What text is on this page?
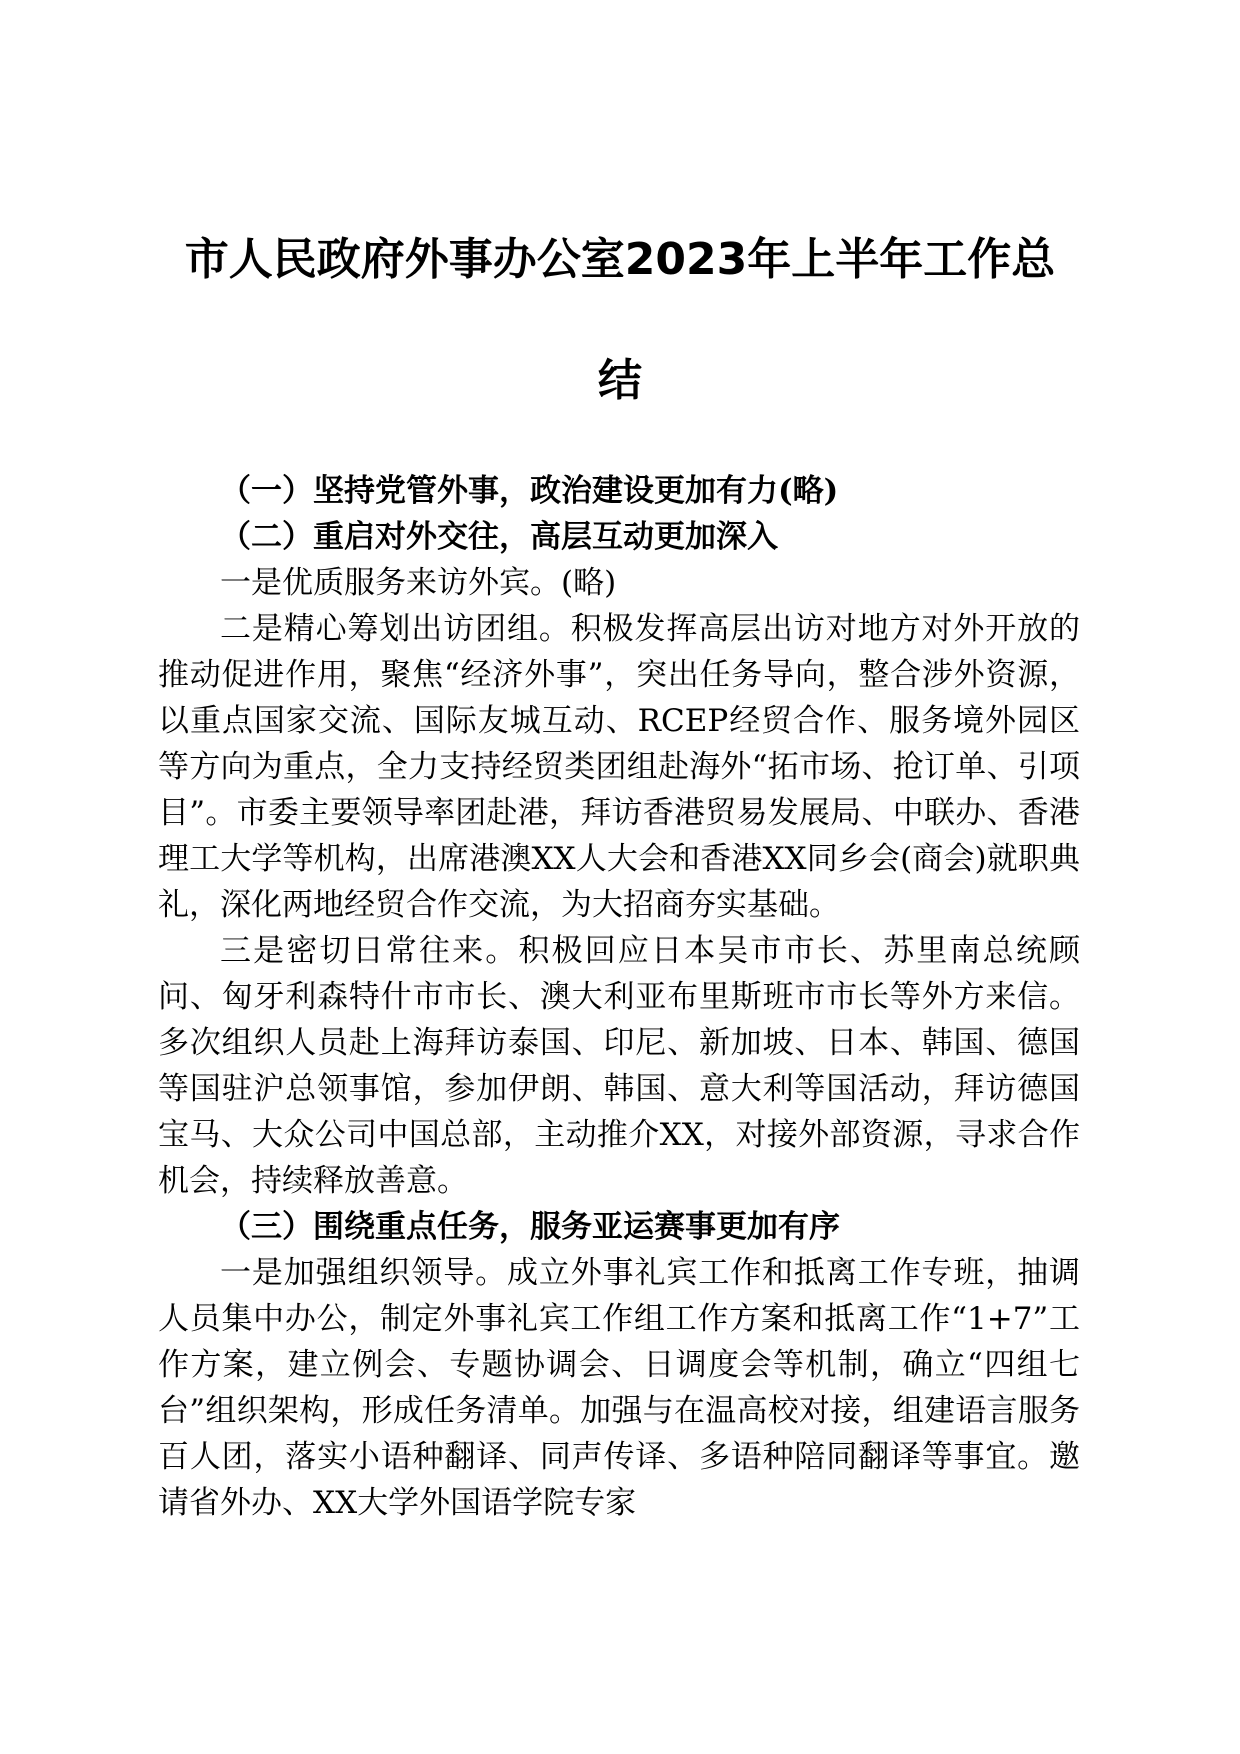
市人民政府外事办公室2023年上半年工作总
结

（一）坚持党管外事，政治建设更加有力(略)

（二）重启对外交往，高层互动更加深入

一是优质服务来访外宾。(略)

二是精心筹划出访团组。积极发挥高层出访对地方对外开放的推动促进作用，聚焦“经济外事”，突出任务导向，整合涉外资源，以重点国家交流、国际友城互动、RCEP经贸合作、服务境外园区等方向为重点，全力支持经贸类团组赴海外“拓市场、抢订单、引项目”。市委主要领导率团赴港，拜访香港贸易发展局、中联办、香港理工大学等机构，出席港澳XX人大会和香港XX同乡会(商会)就职典礼，深化两地经贸合作交流，为大招商夯实基础。

三是密切日常往来。积极回应日本吴市市长、苏里南总统顾问、匈牙利森特什市市长、澳大利亚布里斯班市市长等外方来信。多次组织人员赴上海拜访泰国、印尼、新加坡、日本、韩国、德国等国驻沪总领事馆，参加伊朗、韩国、意大利等国活动，拜访德国宝马、大众公司中国总部，主动推介XX，对接外部资源，寻求合作机会，持续释放善意。

（三）围绕重点任务，服务亚运赛事更加有序

一是加强组织领导。成立外事礼宾工作和抵离工作专班，抽调人员集中办公，制定外事礼宾工作组工作方案和抵离工作“1+7”工作方案，建立例会、专题协调会、日调度会等机制，确立“四组七台”组织架构，形成任务清单。加强与在温高校对接，组建语言服务百人团，落实小语种翻译、同声传译、多语种陪同翻译等事宜。邀请省外办、XX大学外国语学院专家
